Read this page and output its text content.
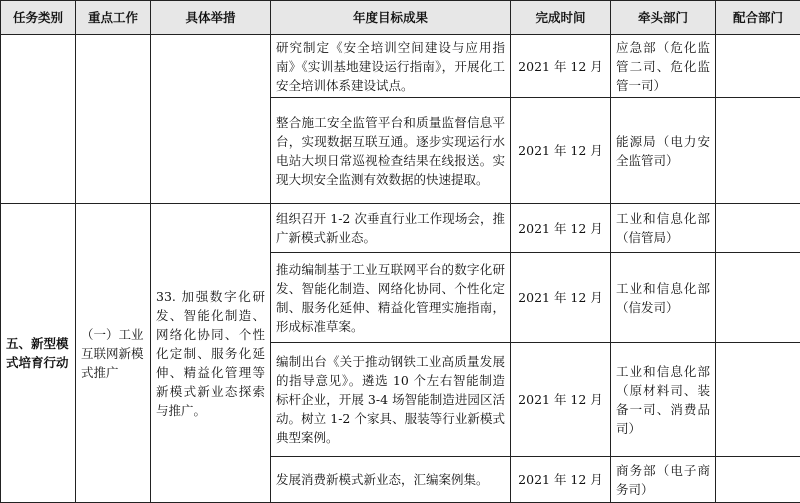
任务类别	重点工作	具体举措	年度目标成果	完成时间	牵头部门	配合部门
			研究制定《安全培训空间建设与应用指南》《实训基地建设运行指南》，开展化工安全培训体系建设试点。	2021 年 12 月	应急部（危化监管二司、危化监管一司）	
			整合施工安全监管平台和质量监督信息平台，实现数据互联互通。逐步实现运行水电站大坝日常巡视检查结果在线报送。实现大坝安全监测有效数据的快速提取。	2021 年 12 月	能源局（电力安全监管司）	
五、新型模式培育行动	（一）工业互联网新模式推广	33. 加强数字化研发、智能化制造、网络化协同、个性化定制、服务化延伸、精益化管理等新模式新业态探索与推广。	组织召开 1-2 次垂直行业工作现场会，推广新模式新业态。	2021 年 12 月	工业和信息化部（信管局）	
			推动编制基于工业互联网平台的数字化研发、智能化制造、网络化协同、个性化定制、服务化延伸、精益化管理实施指南，形成标准草案。	2021 年 12 月	工业和信息化部（信发司）	
			编制出台《关于推动钢铁工业高质量发展的指导意见》。遴选 10 个左右智能制造标杆企业，开展 3-4 场智能制造进园区活动。树立 1-2 个家具、服装等行业新模式典型案例。	2021 年 12 月	工业和信息化部（原材料司、装备一司、消费品司）	
			发展消费新模式新业态，汇编案例集。	2021 年 12 月	商务部（电子商务司）	
